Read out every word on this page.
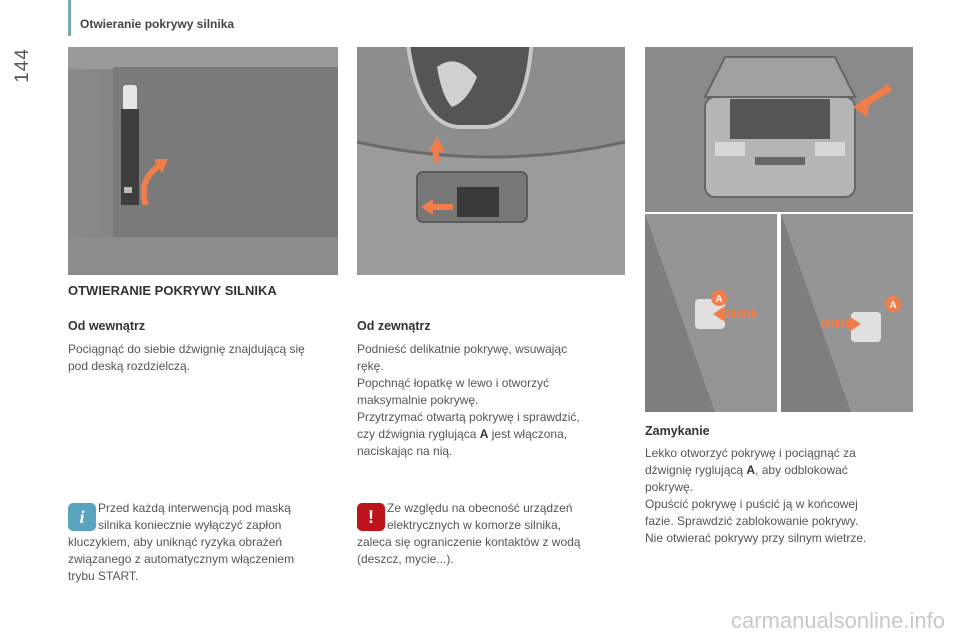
144
Otwieranie pokrywy silnika
A
A
OTWIERANIE POKRYWY SILNIKA
Od wewnątrz

Pociągnąć do siebie dźwignię znajdującą się

pod deską rozdzielczą.

Od zewnątrz

Podnieść delikatnie pokrywę, wsuwając

rękę.

Popchnąć łopatkę w lewo i otworzyć

maksymalnie pokrywę.

Przytrzymać otwartą pokrywę i sprawdzić,

czy dźwignia ryglująca A jest włączona,

naciskając na nią.

Zamykanie

Lekko otworzyć pokrywę i pociągnąć za

dźwignię ryglującą A, aby odblokować

pokrywę.

Opuścić pokrywę i puścić ją w końcowej

fazie. Sprawdzić zablokowanie pokrywy.

Nie otwierać pokrywy przy silnym wietrze.

i	Przed każdą interwencją pod maską

silnika koniecznie wyłączyć zapłon

kluczykiem, aby uniknąć ryzyka obrażeń

związanego z automatycznym włączeniem

trybu START.

!	Ze względu na obecność urządzeń

elektrycznych w komorze silnika,

zaleca się ograniczenie kontaktów z wodą

(deszcz, mycie...).

carmanualsonline.info
